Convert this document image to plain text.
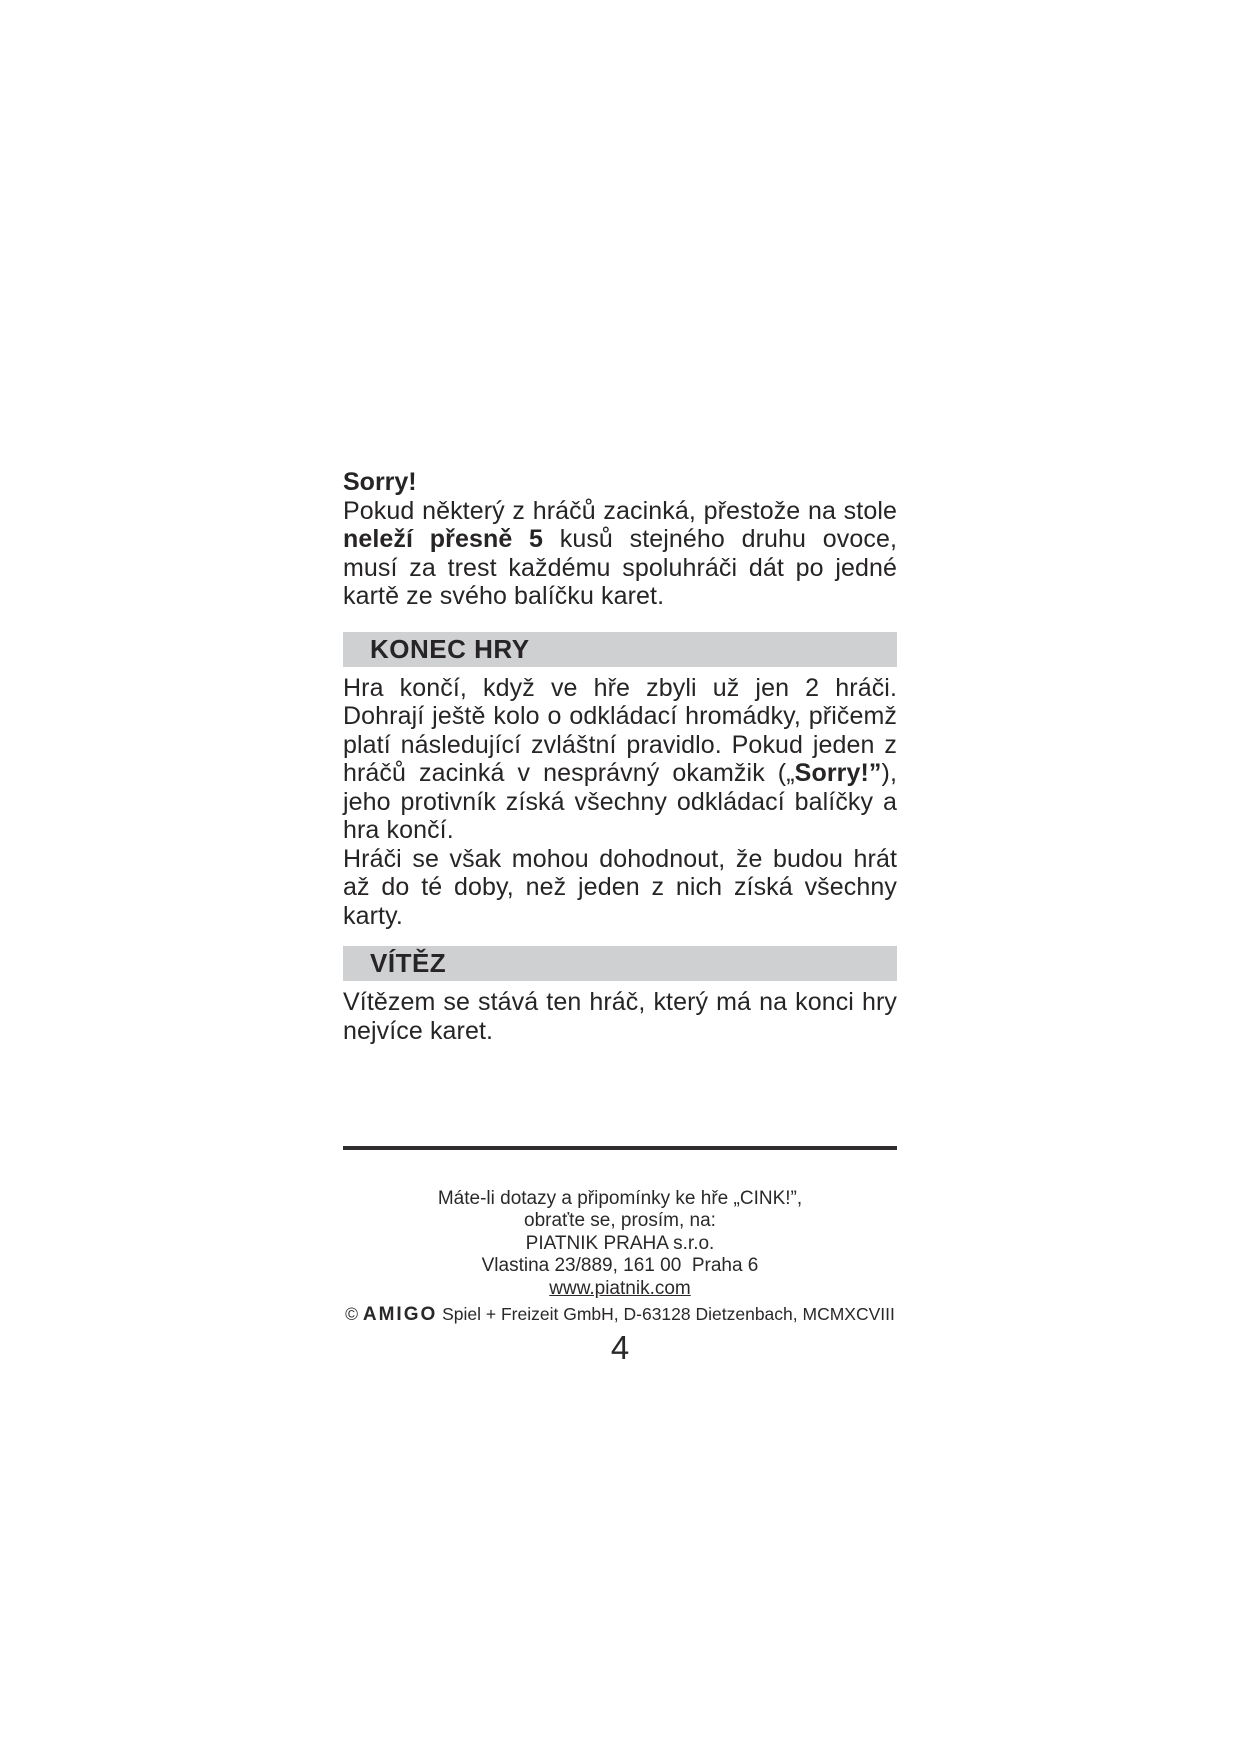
Sorry!

Pokud některý z hráčů zacinká, přestože na stole neleží přesně 5 kusů stejného druhu ovoce, musí za trest každému spoluhráči dát po jedné kartě ze svého balíčku karet.

KONEC HRY

Hra končí, když ve hře zbyli už jen 2 hráči. Dohrají ještě kolo o odkládací hromádky, přičemž platí následující zvláštní pravidlo. Pokud jeden z hráčů zacinká v nesprávný okamžik („Sorry!”), jeho protivník získá všechny odkládací balíčky a hra končí.

Hráči se však mohou dohodnout, že budou hrát až do té doby, než jeden z nich získá všechny karty.

VÍTĚZ

Vítězem se stává ten hráč, který má na konci hry nejvíce karet.

Máte-li dotazy a připomínky ke hře „CINK!”,
obraťte se, prosím, na:
PIATNIK PRAHA s.r.o.
Vlastina 23/889, 161 00  Praha 6
www.piatnik.com
© AMIGO Spiel + Freizeit GmbH, D-63128 Dietzenbach, MCMXCVIII
4
